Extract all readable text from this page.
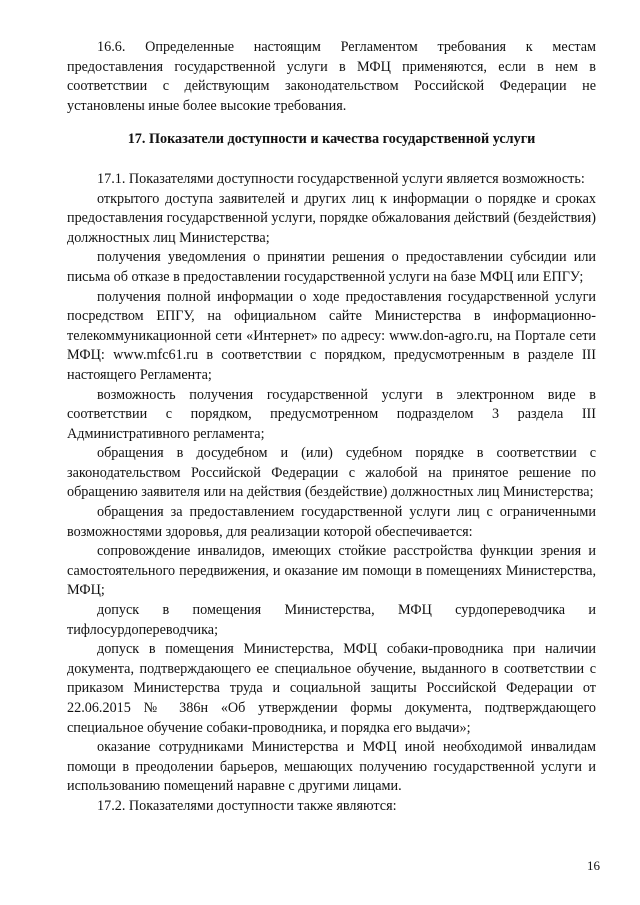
16.6. Определенные настоящим Регламентом требования к местам предоставления государственной услуги в МФЦ применяются, если в нем в соответствии с действующим законодательством Российской Федерации не установлены иные более высокие требования.

17. Показатели доступности и качества государственной услуги

17.1. Показателями доступности государственной услуги является возможность:

открытого доступа заявителей и других лиц к информации о порядке и сроках предоставления государственной услуги, порядке обжалования действий (бездействия) должностных лиц Министерства;

получения уведомления о принятии решения о предоставлении субсидии или письма об отказе в предоставлении государственной услуги на базе МФЦ или ЕПГУ;

получения полной информации о ходе предоставления государственной услуги посредством ЕПГУ, на официальном сайте Министерства в информационно-телекоммуникационной сети «Интернет» по адресу: www.don-agro.ru, на Портале сети МФЦ: www.mfc61.ru в соответствии с порядком, предусмотренным в разделе III настоящего Регламента;

возможность получения государственной услуги в электронном виде в соответствии с порядком, предусмотренном подразделом 3 раздела III Административного регламента;

обращения в досудебном и (или) судебном порядке в соответствии с законодательством Российской Федерации с жалобой на принятое решение по обращению заявителя или на действия (бездействие) должностных лиц Министерства;

обращения за предоставлением государственной услуги лиц с ограниченными возможностями здоровья, для реализации которой обеспечивается:

сопровождение инвалидов, имеющих стойкие расстройства функции зрения и самостоятельного передвижения, и оказание им помощи в помещениях Министерства, МФЦ;

допуск в помещения Министерства, МФЦ сурдопереводчика и тифлосурдопереводчика;

допуск в помещения Министерства, МФЦ собаки-проводника при наличии документа, подтверждающего ее специальное обучение, выданного в соответствии с приказом Министерства труда и социальной защиты Российской Федерации от 22.06.2015 № 386н «Об утверждении формы документа, подтверждающего специальное обучение собаки-проводника, и порядка его выдачи»;

оказание сотрудниками Министерства и МФЦ иной необходимой инвалидам помощи в преодолении барьеров, мешающих получению государственной услуги и использованию помещений наравне с другими лицами.

17.2. Показателями доступности также являются:

16
